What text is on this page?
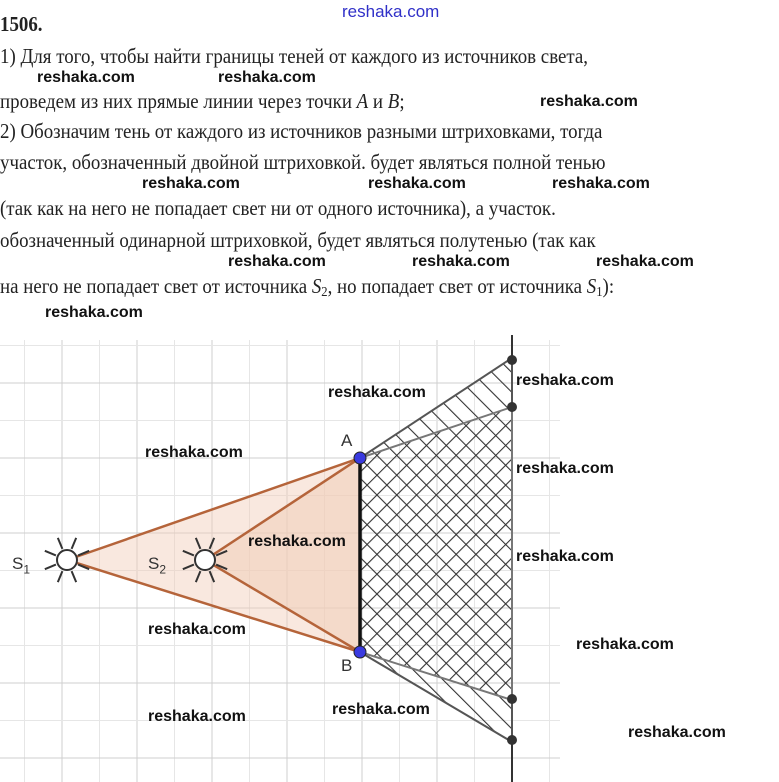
reshaka.com
1506.
1) Для того, чтобы найти границы теней от каждого из источников света,
проведем из них прямые линии через точки A и B;
2) Обозначим тень от каждого из источников разными штриховками, тогда
участок, обозначенный двойной штриховкой. будет являться полной тенью
(так как на него не попадает свет ни от одного источника), а участок.
обозначенный одинарной штриховкой, будет являться полутенью (так как
на него не попадает свет от источника $S_2$, но попадает свет от источника $S_1$):
A
B
$S_1$	$S_2$
reshaka.com	reshaka.com
reshaka.com
reshaka.com	reshaka.com	reshaka.com
reshaka.com	reshaka.com	reshaka.com
reshaka.com
reshaka.com
reshaka.com
reshaka.com
reshaka.com
reshaka.com
reshaka.com
reshaka.com
reshaka.com
reshaka.com	reshaka.com
reshaka.com
